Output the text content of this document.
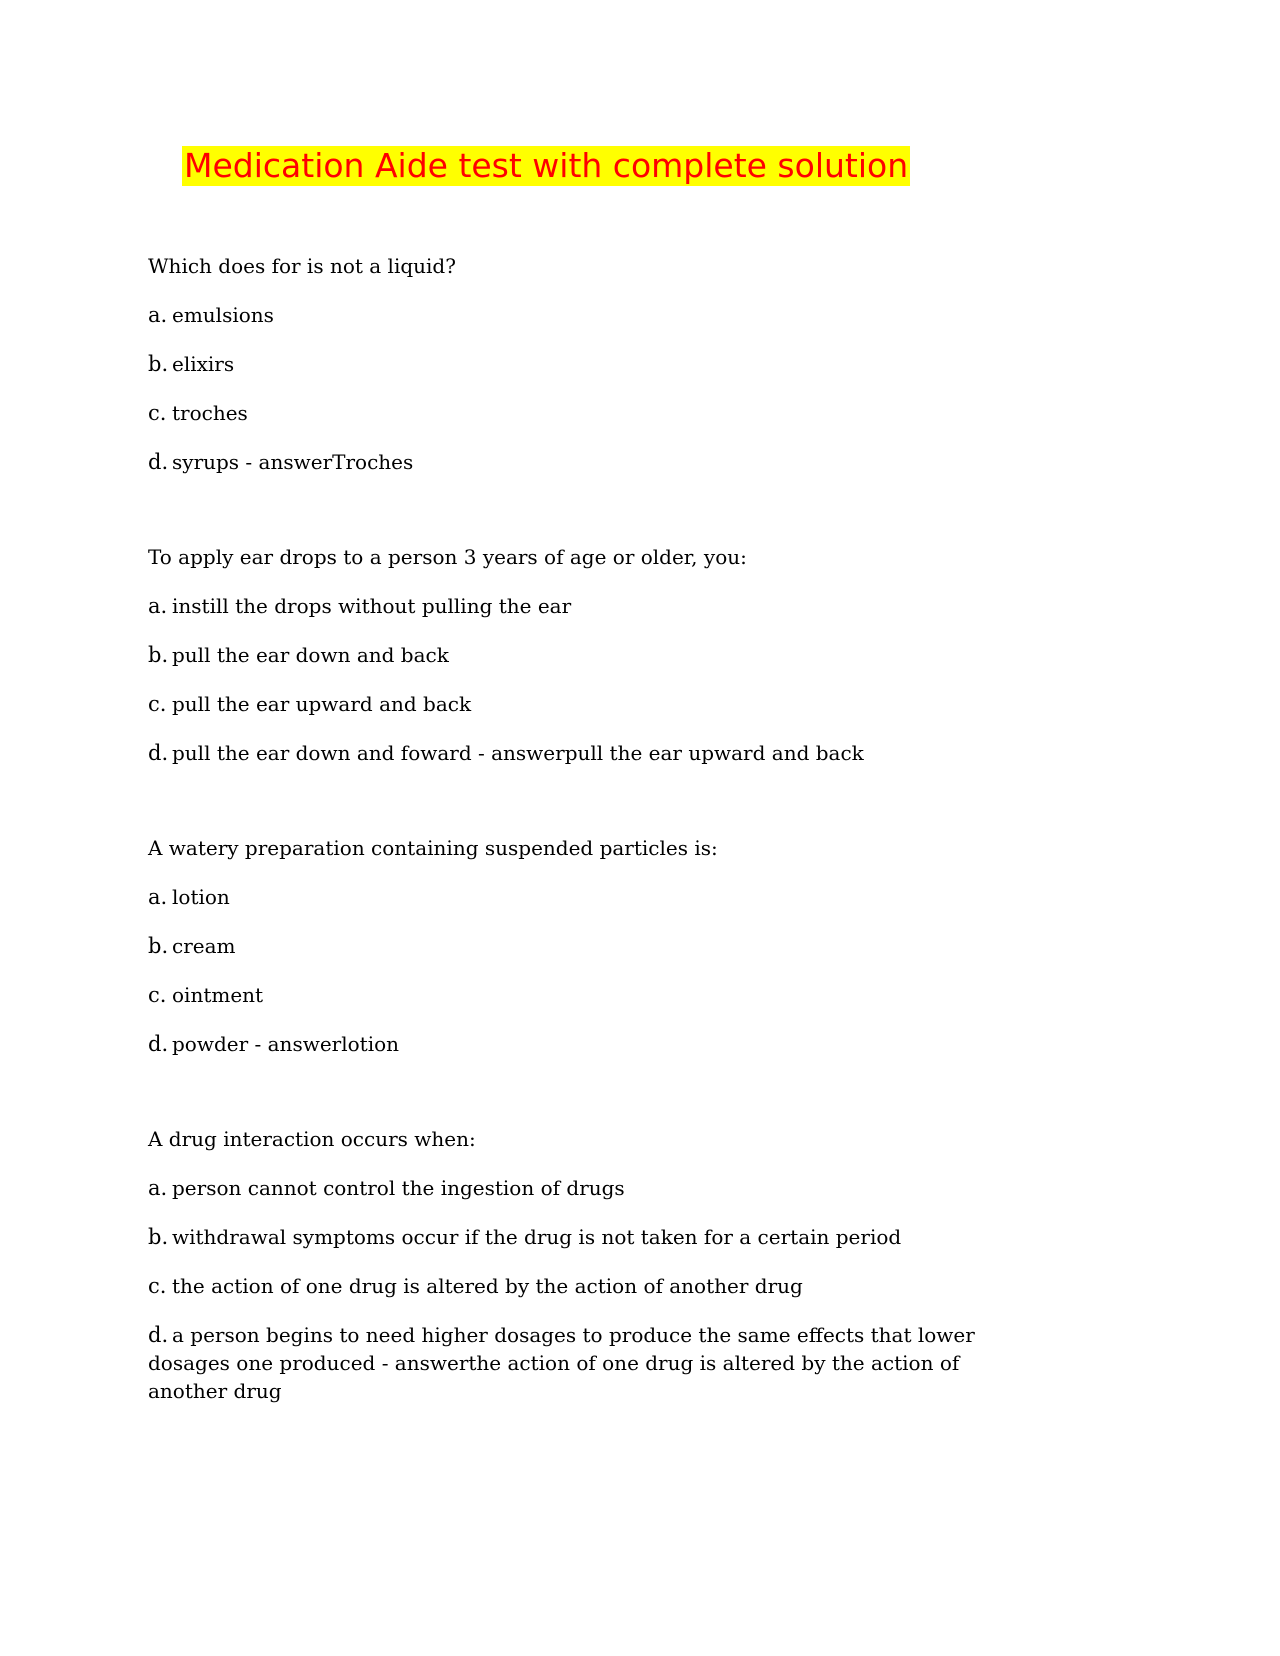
Medication Aide test with complete solution

Which does for is not a liquid?

a. emulsions

b. elixirs

c. troches

d. syrups - answerTroches

To apply ear drops to a person 3 years of age or older, you:

a. instill the drops without pulling the ear

b. pull the ear down and back

c. pull the ear upward and back

d. pull the ear down and foward - answerpull the ear upward and back

A watery preparation containing suspended particles is:

a. lotion

b. cream

c. ointment

d. powder - answerlotion

A drug interaction occurs when:

a. person cannot control the ingestion of drugs

b. withdrawal symptoms occur if the drug is not taken for a certain period

c. the action of one drug is altered by the action of another drug

d. a person begins to need higher dosages to produce the same effects that lower
dosages one produced - answerthe action of one drug is altered by the action of
another drug
